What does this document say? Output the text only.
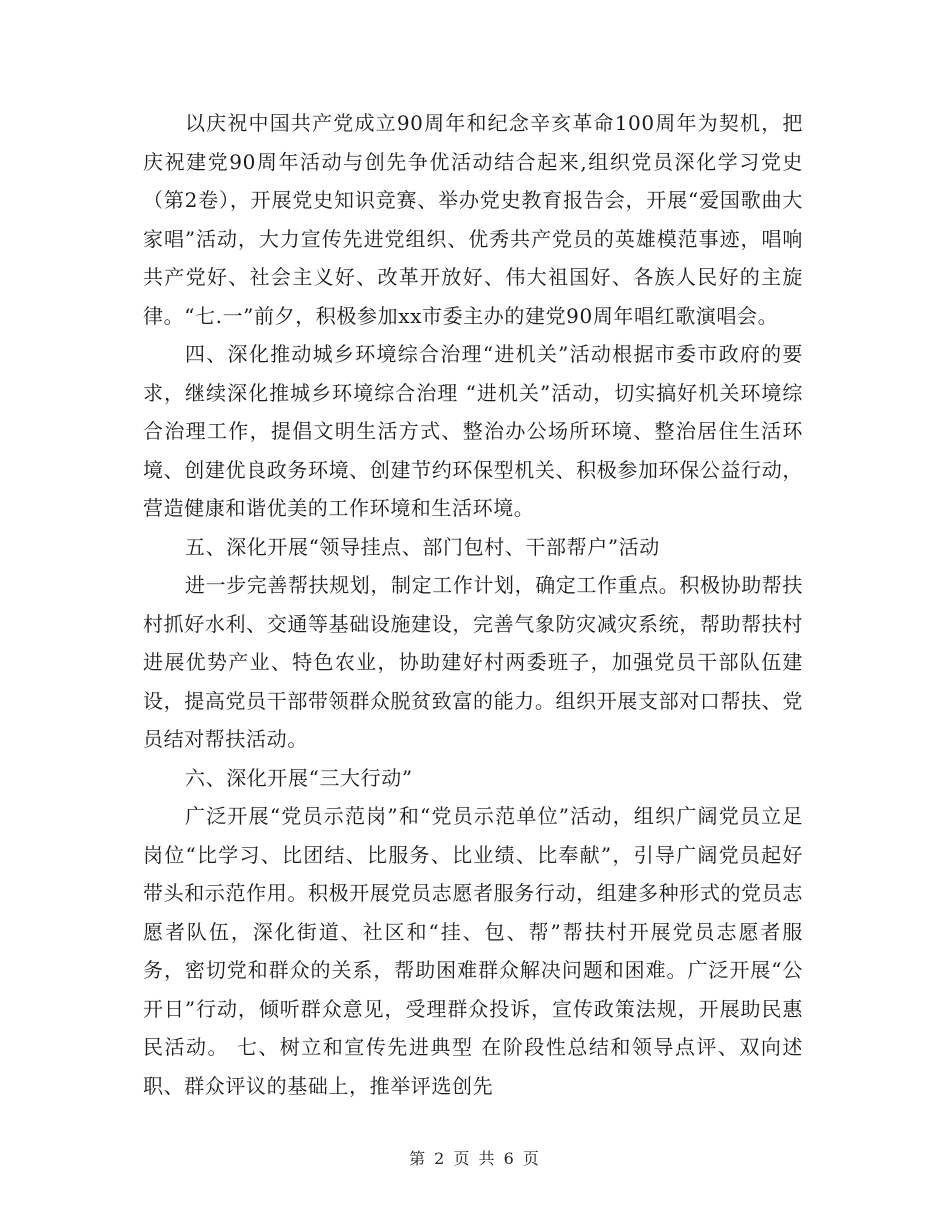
以庆祝中国共产党成立90周年和纪念辛亥革命100周年为契机，把庆祝建党90周年活动与创先争优活动结合起来,组织党员深化学习党史（第2卷），开展党史知识竞赛、举办党史教育报告会，开展“爱国歌曲大家唱”活动，大力宣传先进党组织、优秀共产党员的英雄模范事迹，唱响共产党好、社会主义好、改革开放好、伟大祖国好、各族人民好的主旋律。“七.一”前夕，积极参加xx市委主办的建党90周年唱红歌演唱会。

四、深化推动城乡环境综合治理“进机关”活动根据市委市政府的要求，继续深化推城乡环境综合治理 “进机关”活动，切实搞好机关环境综合治理工作，提倡文明生活方式、整治办公场所环境、整治居住生活环境、创建优良政务环境、创建节约环保型机关、积极参加环保公益行动，营造健康和谐优美的工作环境和生活环境。

五、深化开展“领导挂点、部门包村、干部帮户”活动

进一步完善帮扶规划，制定工作计划，确定工作重点。积极协助帮扶村抓好水利、交通等基础设施建设，完善气象防灾减灾系统，帮助帮扶村进展优势产业、特色农业，协助建好村两委班子，加强党员干部队伍建设，提高党员干部带领群众脱贫致富的能力。组织开展支部对口帮扶、党员结对帮扶活动。

六、深化开展“三大行动”

广泛开展“党员示范岗”和“党员示范单位”活动，组织广阔党员立足岗位“比学习、比团结、比服务、比业绩、比奉献”，引导广阔党员起好带头和示范作用。积极开展党员志愿者服务行动，组建多种形式的党员志愿者队伍，深化街道、社区和“挂、包、帮”帮扶村开展党员志愿者服务，密切党和群众的关系，帮助困难群众解决问题和困难。广泛开展“公开日”行动，倾听群众意见，受理群众投诉，宣传政策法规，开展助民惠民活动。 七、树立和宣传先进典型 在阶段性总结和领导点评、双向述职、群众评议的基础上，推举评选创先

第 2 页 共 6 页
